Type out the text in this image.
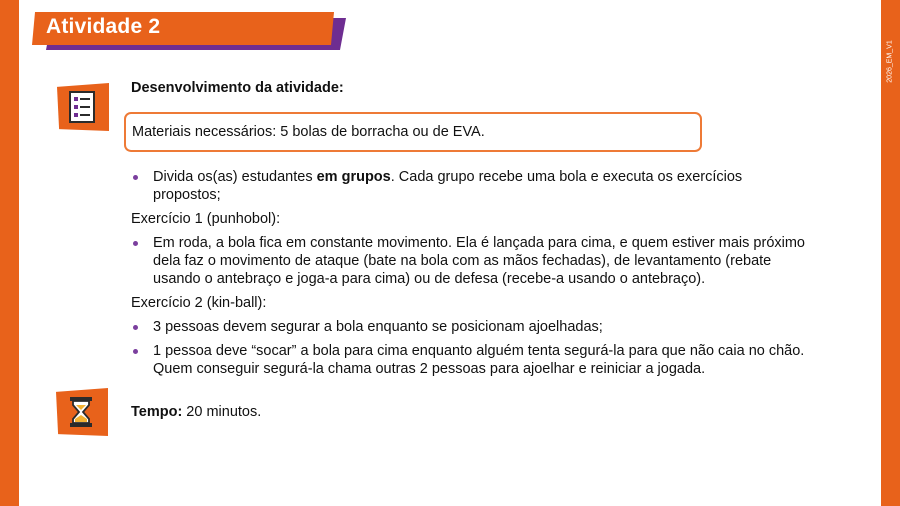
2026_EM_V1
Atividade 2
Desenvolvimento da atividade:
Materiais necessários: 5 bolas de borracha ou de EVA.
Divida os(as) estudantes em grupos. Cada grupo recebe uma bola e executa os exercícios propostos;
Exercício 1 (punhobol):
Em roda, a bola fica em constante movimento. Ela é lançada para cima, e quem estiver mais próximo dela faz o movimento de ataque (bate na bola com as mãos fechadas), de levantamento (rebate usando o antebraço e joga-a para cima) ou de defesa (recebe-a usando o antebraço).
Exercício 2 (kin-ball):
3 pessoas devem segurar a bola enquanto se posicionam ajoelhadas;
1 pessoa deve “socar” a bola para cima enquanto alguém tenta segurá-la para que não caia no chão. Quem conseguir segurá-la chama outras 2 pessoas para ajoelhar e reiniciar a jogada.
Tempo: 20 minutos.
